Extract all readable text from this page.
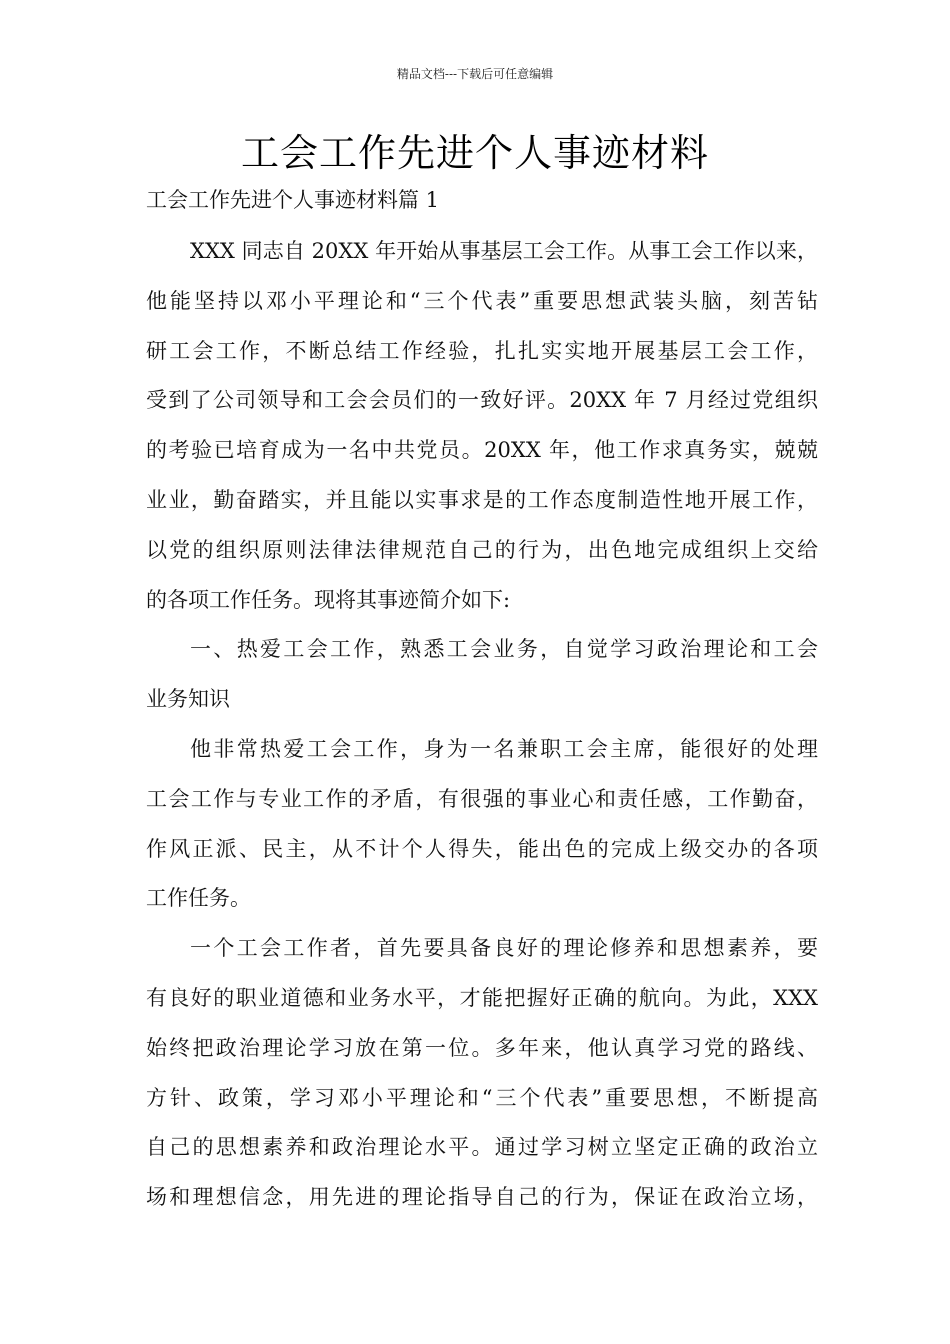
精品文档---下载后可任意编辑
工会工作先进个人事迹材料
工会工作先进个人事迹材料篇 1
XXX 同志自 20XX 年开始从事基层工会工作。从事工会工作以来，
他能坚持以邓小平理论和“三个代表”重要思想武装头脑，刻苦钻
研工会工作，不断总结工作经验，扎扎实实地开展基层工会工作，
受到了公司领导和工会会员们的一致好评。20XX 年 7 月经过党组织
的考验已培育成为一名中共党员。20XX 年，他工作求真务实，兢兢
业业，勤奋踏实，并且能以实事求是的工作态度制造性地开展工作，
以党的组织原则法律法律规范自己的行为，出色地完成组织上交给
的各项工作任务。现将其事迹简介如下:
一、热爱工会工作，熟悉工会业务，自觉学习政治理论和工会
业务知识
他非常热爱工会工作，身为一名兼职工会主席，能很好的处理
工会工作与专业工作的矛盾，有很强的事业心和责任感，工作勤奋，
作风正派、民主，从不计个人得失，能出色的完成上级交办的各项
工作任务。
一个工会工作者，首先要具备良好的理论修养和思想素养，要
有良好的职业道德和业务水平，才能把握好正确的航向。为此，XXX
始终把政治理论学习放在第一位。多年来，他认真学习党的路线、
方针、政策，学习邓小平理论和“三个代表”重要思想，不断提高
自己的思想素养和政治理论水平。通过学习树立坚定正确的政治立
场和理想信念，用先进的理论指导自己的行为，保证在政治立场，
